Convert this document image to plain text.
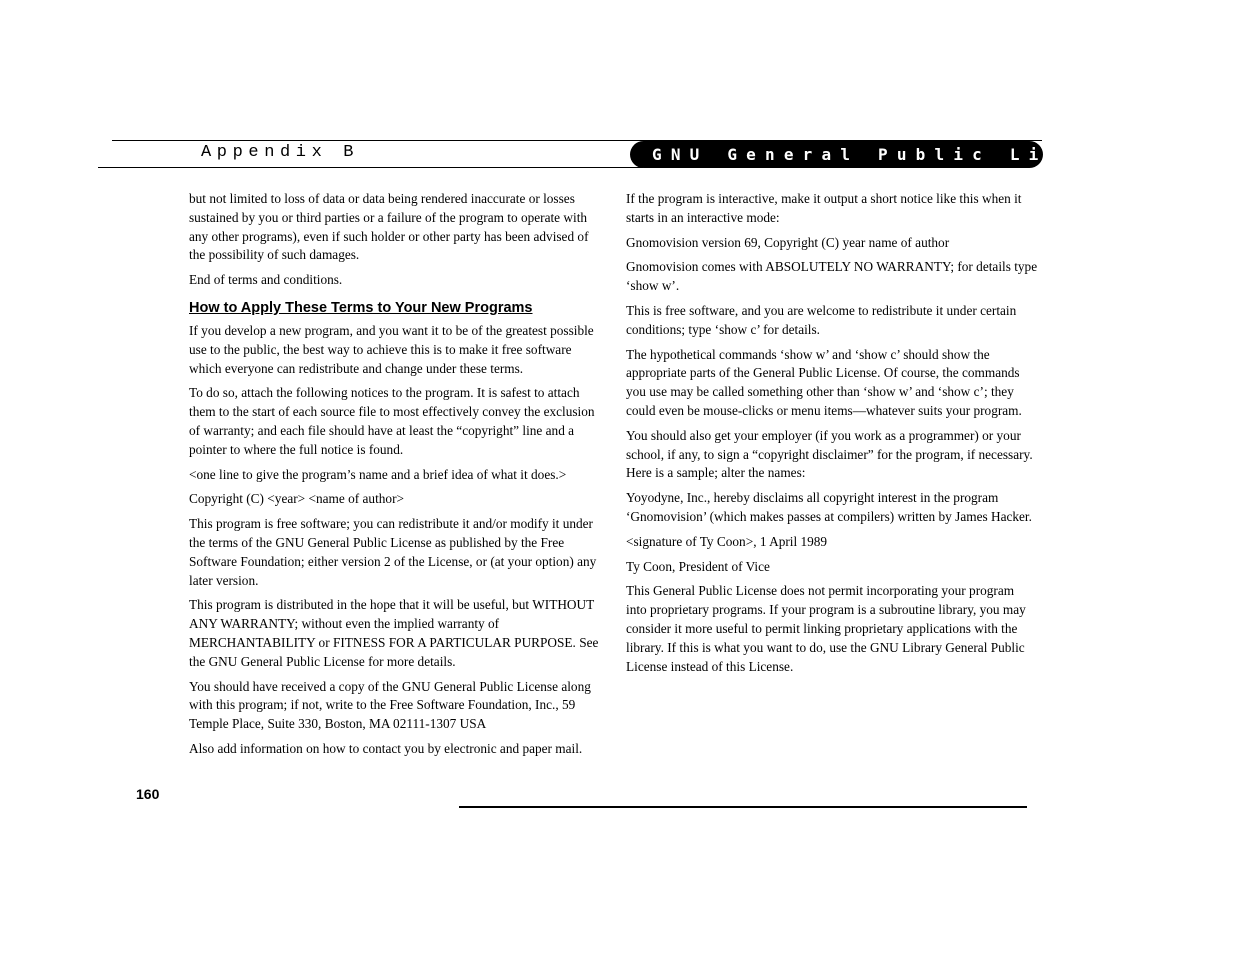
Appendix B	GNU General Public License

but not limited to loss of data or data being rendered inaccurate or losses sustained by you or third parties or a failure of the program to operate with any other programs), even if such holder or other party has been advised of the possibility of such damages.

End of terms and conditions.

How to Apply These Terms to Your New Programs

If you develop a new program, and you want it to be of the greatest possible use to the public, the best way to achieve this is to make it free software which everyone can redistribute and change under these terms.

To do so, attach the following notices to the program. It is safest to attach them to the start of each source file to most effectively convey the exclusion of warranty; and each file should have at least the “copyright” line and a pointer to where the full notice is found.

<one line to give the program’s name and a brief idea of what it does.>

Copyright (C) <year> <name of author>

This program is free software; you can redistribute it and/or modify it under the terms of the GNU General Public License as published by the Free Software Foundation; either version 2 of the License, or (at your option) any later version.

This program is distributed in the hope that it will be useful, but WITHOUT ANY WARRANTY; without even the implied warranty of MERCHANTABILITY or FITNESS FOR A PARTICULAR PURPOSE. See the GNU General Public License for more details.

You should have received a copy of the GNU General Public License along with this program; if not, write to the Free Software Foundation, Inc., 59 Temple Place, Suite 330, Boston, MA 02111-1307 USA

Also add information on how to contact you by electronic and paper mail.

If the program is interactive, make it output a short notice like this when it starts in an interactive mode:

Gnomovision version 69, Copyright (C) year name of author

Gnomovision comes with ABSOLUTELY NO WARRANTY; for details type ‘show w’.

This is free software, and you are welcome to redistribute it under certain conditions; type ‘show c’ for details.

The hypothetical commands ‘show w’ and ‘show c’ should show the appropriate parts of the General Public License. Of course, the commands you use may be called something other than ‘show w’ and ‘show c’; they could even be mouse-clicks or menu items—whatever suits your program.

You should also get your employer (if you work as a programmer) or your school, if any, to sign a “copyright disclaimer” for the program, if necessary. Here is a sample; alter the names:

Yoyodyne, Inc., hereby disclaims all copyright interest in the program ‘Gnomovision’ (which makes passes at compilers) written by James Hacker.

<signature of Ty Coon>, 1 April 1989

Ty Coon, President of Vice

This General Public License does not permit incorporating your program into proprietary programs. If your program is a subroutine library, you may consider it more useful to permit linking proprietary applications with the library. If this is what you want to do, use the GNU Library General Public License instead of this License.

160
